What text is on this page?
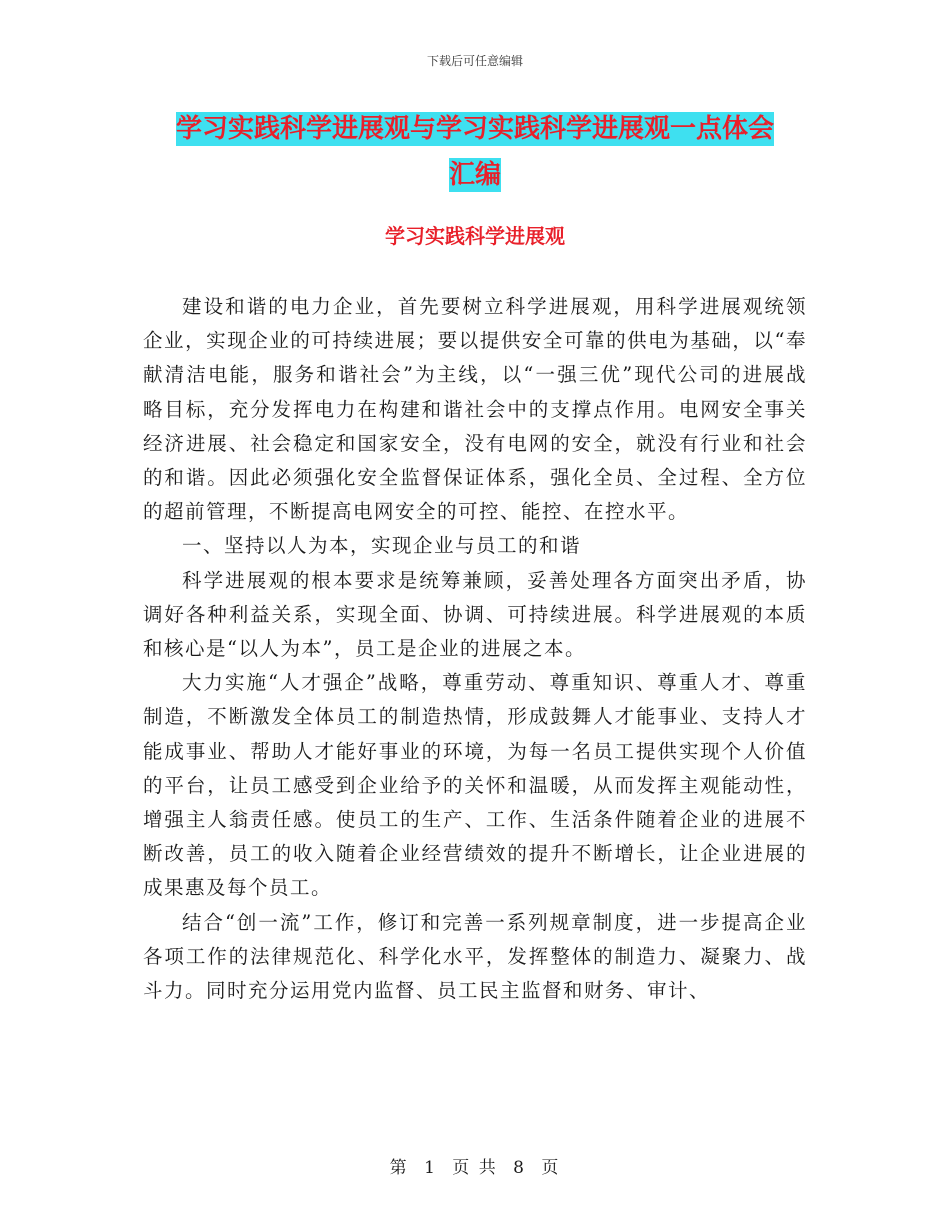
下载后可任意编辑
学习实践科学进展观与学习实践科学进展观一点体会
汇编
学习实践科学进展观

建设和谐的电力企业，首先要树立科学进展观，用科学进展观统领企业，实现企业的可持续进展；要以提供安全可靠的供电为基础，以“奉献清洁电能，服务和谐社会”为主线，以“一强三优”现代公司的进展战略目标，充分发挥电力在构建和谐社会中的支撑点作用。电网安全事关经济进展、社会稳定和国家安全，没有电网的安全，就没有行业和社会的和谐。因此必须强化安全监督保证体系，强化全员、全过程、全方位的超前管理，不断提高电网安全的可控、能控、在控水平。

一、坚持以人为本，实现企业与员工的和谐

科学进展观的根本要求是统筹兼顾，妥善处理各方面突出矛盾，协调好各种利益关系，实现全面、协调、可持续进展。科学进展观的本质和核心是“以人为本”，员工是企业的进展之本。

大力实施“人才强企”战略，尊重劳动、尊重知识、尊重人才、尊重制造，不断激发全体员工的制造热情，形成鼓舞人才能事业、支持人才能成事业、帮助人才能好事业的环境，为每一名员工提供实现个人价值的平台，让员工感受到企业给予的关怀和温暖，从而发挥主观能动性，增强主人翁责任感。使员工的生产、工作、生活条件随着企业的进展不断改善，员工的收入随着企业经营绩效的提升不断增长，让企业进展的成果惠及每个员工。

结合“创一流”工作，修订和完善一系列规章制度，进一步提高企业各项工作的法律规范化、科学化水平，发挥整体的制造力、凝聚力、战斗力。同时充分运用党内监督、员工民主监督和财务、审计、

第 1 页 共 8 页
